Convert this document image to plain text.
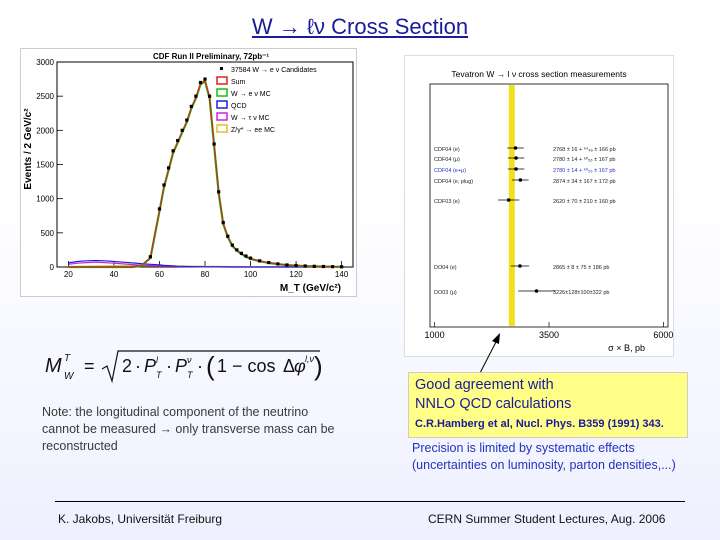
W → ℓν Cross Section
CDF Run II Preliminary, 72pb⁻¹
M_T (GeV/c²)
Events / 2 GeV/c²
0
500
1000
1500
2000
2500
3000
20	40	60	80	100	120	140
37584 W → e ν Candidates
Sum
W → e ν MC
QCD
W → τ ν MC
Z/γ* → ee MC
Tevatron W → l ν cross section measurements
CDF04 (e)	2768 ± 16 + ⁶⁴₄₉ ± 166 pb
CDF04 (μ)	2780 ± 14 + ⁶⁰₅₆ ± 167 pb
CDF04 (e+μ)	2780 ± 14 + ⁶⁰₅₆ ± 167 pb
CDF04 (e, plug)	2874 ± 34 ± 167 ± 172 pb
CDF03 (e)	2620 ± 70 ± 210 ± 160 pb
DO04 (e)	2865 ± 8 ± 75 ± 186 pb
DO03 (μ)	3226±128±100±322 pb
1000	3500	6000
σ × B, pb
M T
W
= 2 · P l
T · P ν
T · ( 1 − cos Δ
φ l,ν )
Note: the longitudinal component of the neutrino cannot be measured → only transverse mass can be reconstructed
Good agreement with
NNLO QCD calculations
C.R.Hamberg et al, Nucl. Phys. B359 (1991) 343.
Precision is limited by systematic effects (uncertainties on luminosity, parton densities,...)
K. Jakobs, Universität Freiburg	CERN Summer Student Lectures, Aug. 2006
